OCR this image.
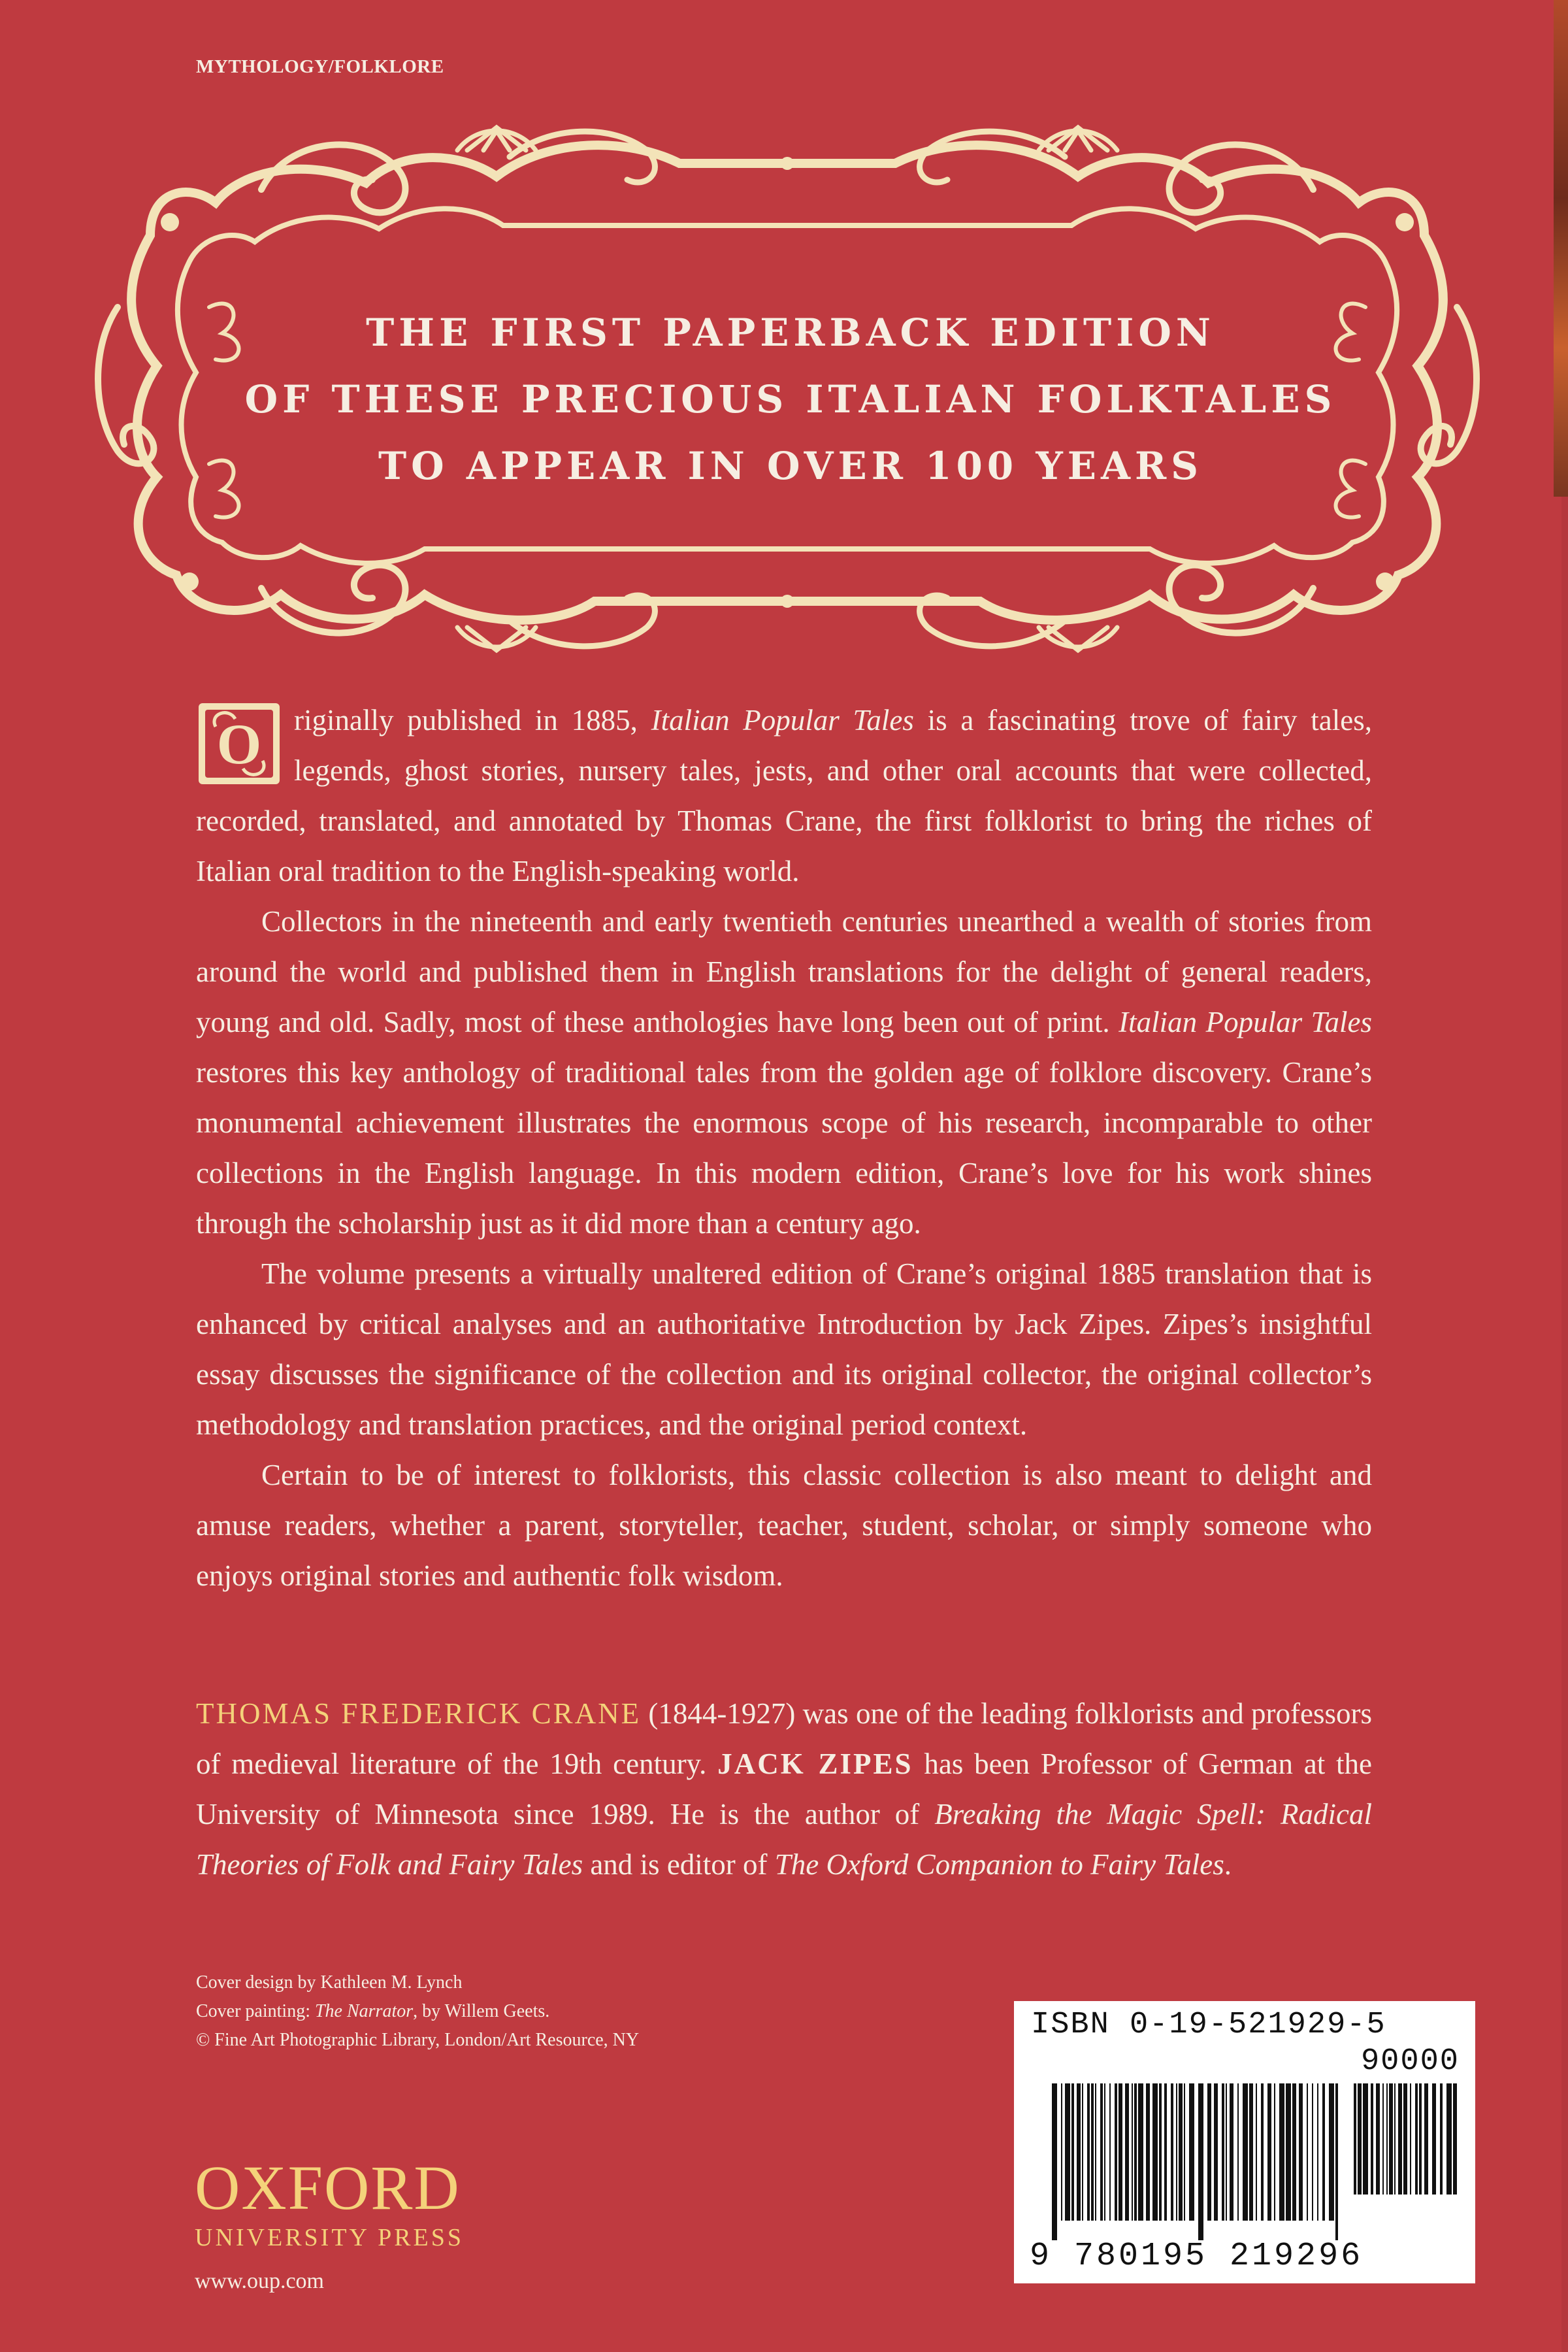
MYTHOLOGY/FOLKLORE
THE FIRST PAPERBACK EDITION
OF THESE PRECIOUS ITALIAN FOLKTALES
TO APPEAR IN OVER 100 YEARS

O riginally published in 1885, Italian Popular Tales is a fascinating trove of fairy tales, legends, ghost stories, nursery tales, jests, and other oral accounts that were collected, recorded, translated, and annotated by Thomas Crane, the first folklorist to bring the riches of Italian oral tradition to the English-speaking world.

Collectors in the nineteenth and early twentieth centuries unearthed a wealth of stories from around the world and published them in English translations for the delight of general readers, young and old. Sadly, most of these anthologies have long been out of print. Italian Popular Tales restores this key anthology of traditional tales from the golden age of folklore discovery. Crane’s monumental achievement illustrates the enormous scope of his research, incomparable to other collections in the English language. In this modern edition, Crane’s love for his work shines through the scholarship just as it did more than a century ago.

The volume presents a virtually unaltered edition of Crane’s original 1885 translation that is enhanced by critical analyses and an authoritative Introduction by Jack Zipes. Zipes’s insightful essay discusses the significance of the collection and its original collector, the original collector’s methodology and translation practices, and the original period context.

Certain to be of interest to folklorists, this classic collection is also meant to delight and amuse readers, whether a parent, storyteller, teacher, student, scholar, or simply someone who enjoys original stories and authentic folk wisdom.

THOMAS FREDERICK CRANE (1844-1927) was one of the leading folklorists and professors of medieval literature of the 19th century. JACK ZIPES has been Professor of German at the University of Minnesota since 1989. He is the author of Breaking the Magic Spell: Radical Theories of Folk and Fairy Tales and is editor of The Oxford Companion to Fairy Tales.
Cover design by Kathleen M. Lynch
Cover painting: The Narrator, by Willem Geets.
© Fine Art Photographic Library, London/Art Resource, NY
OXFORD
UNIVERSITY PRESS
www.oup.com
ISBN 0-19-521929-5
90000
9 780195 219296
